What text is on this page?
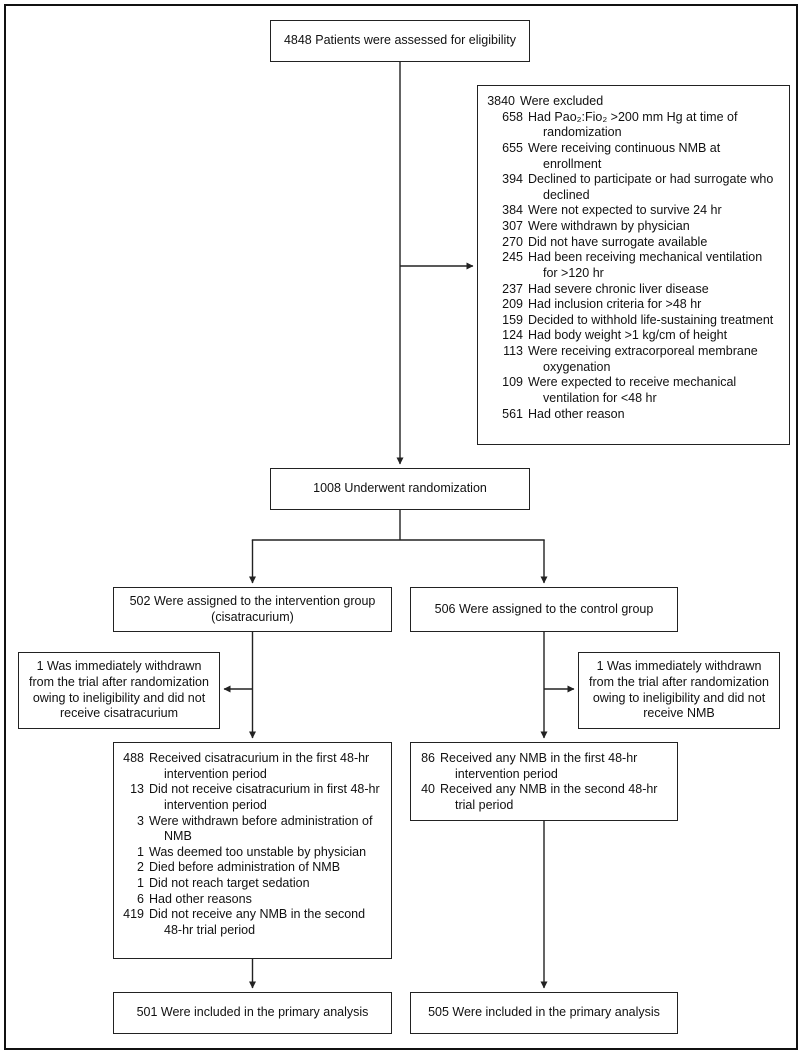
4848 Patients were assessed for eligibility
3840 Were excluded
658 Had Pao₂:Fio₂ >200 mm Hg at time of randomization
655 Were receiving continuous NMB at enrollment
394 Declined to participate or had surrogate who declined
384 Were not expected to survive 24 hr
307 Were withdrawn by physician
270 Did not have surrogate available
245 Had been receiving mechanical ventilation for >120 hr
237 Had severe chronic liver disease
209 Had inclusion criteria for >48 hr
159 Decided to withhold life-sustaining treatment
124 Had body weight >1 kg/cm of height
113 Were receiving extracorporeal membrane oxygenation
109 Were expected to receive mechanical ventilation for <48 hr
561 Had other reason
1008 Underwent randomization
502 Were assigned to the intervention group (cisatracurium)
506 Were assigned to the control group
1 Was immediately withdrawn from the trial after randomization owing to ineligibility and did not receive cisatracurium
1 Was immediately withdrawn from the trial after randomization owing to ineligibility and did not receive NMB
488 Received cisatracurium in the first 48-hr intervention period
13 Did not receive cisatracurium in first 48-hr intervention period
3 Were withdrawn before administration of NMB
1 Was deemed too unstable by physician
2 Died before administration of NMB
1 Did not reach target sedation
6 Had other reasons
419 Did not receive any NMB in the second 48-hr trial period
86 Received any NMB in the first 48-hr intervention period
40 Received any NMB in the second 48-hr trial period
501 Were included in the primary analysis	505 Were included in the primary analysis
